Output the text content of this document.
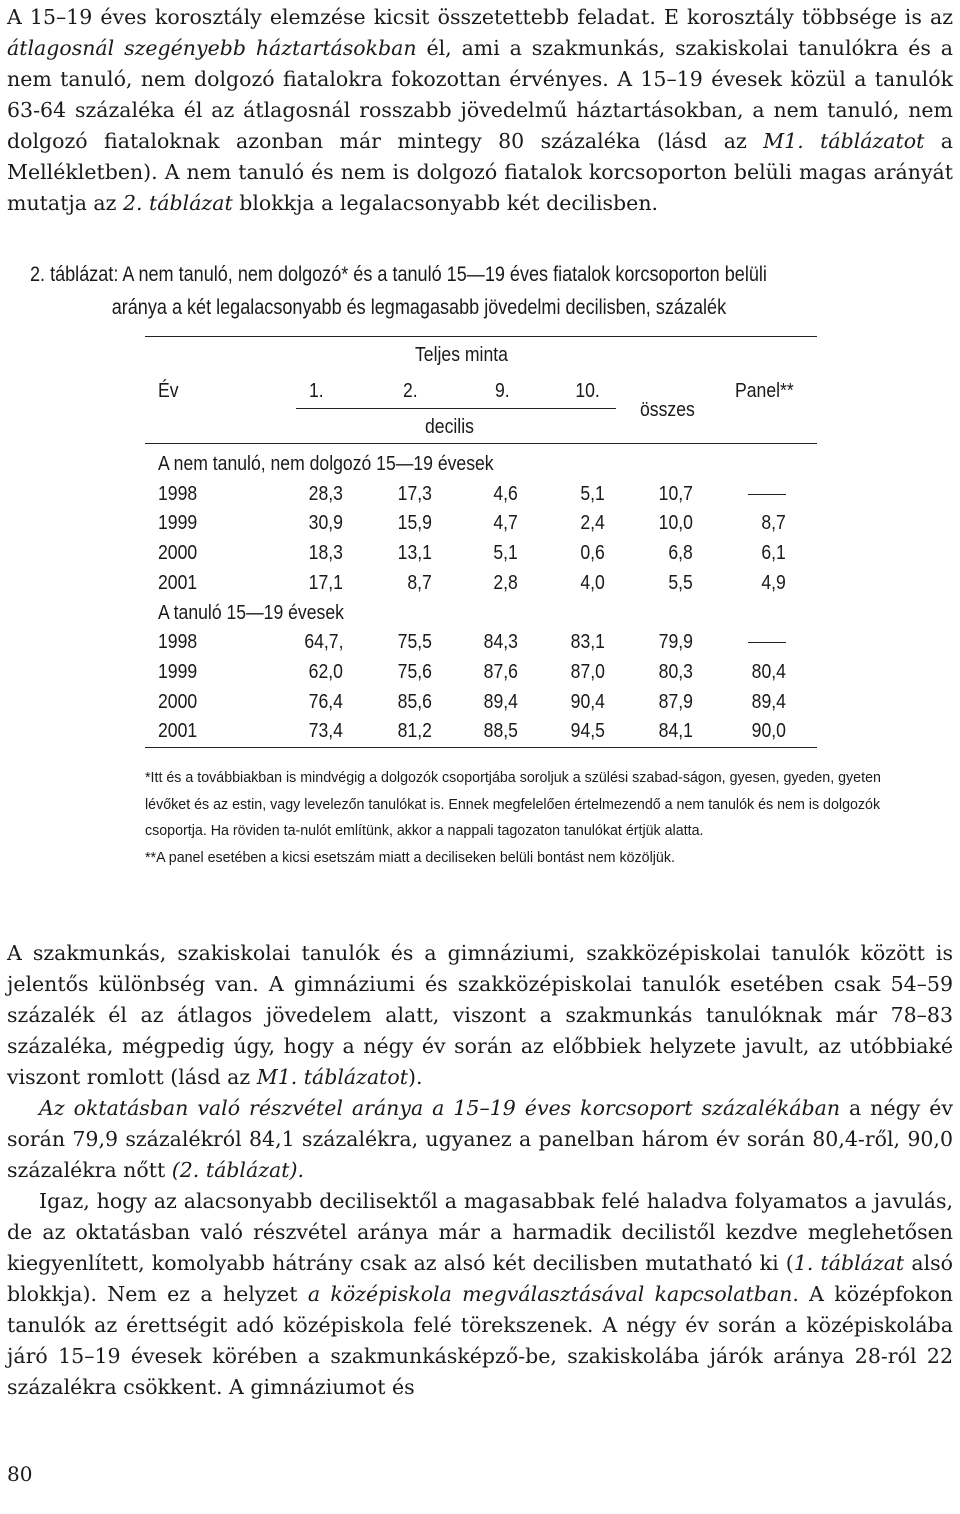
A 15–19 éves korosztály elemzése kicsit összetettebb feladat. E korosztály többsége is az átlagosnál szegényebb háztartásokban él, ami a szakmunkás, szakiskolai tanulókra és a nem tanuló, nem dolgozó fiatalokra fokozottan érvényes. A 15–19 évesek közül a tanulók 63-64 százaléka él az átlagosnál rosszabb jövedelmű háztartásokban, a nem tanuló, nem dolgozó fiataloknak azonban már mintegy 80 százaléka (lásd az M1. táblázatot a Mellékletben). A nem tanuló és nem is dolgozó fiatalok korcsoporton belüli magas arányát mutatja az 2. táblázat blokkja a legalacsonyabb két decilisben.

2. táblázat: A nem tanuló, nem dolgozó* és a tanuló 15—19 éves fiatalok korcsoporton belüli
aránya a két legalacsonyabb és legmagasabb jövedelmi decilisben, százalék
Teljes minta
Év	1.	2.	9.	10.
decilis
összes
Panel**
A nem tanuló, nem dolgozó 15—19 évesek
1998	28,3	17,3	4,6	5,1	10,7
1999	30,9	15,9	4,7	2,4	10,0	8,7
2000	18,3	13,1	5,1	0,6	6,8	6,1
2001	17,1	8,7	2,8	4,0	5,5	4,9
A tanuló 15—19 évesek
1998	64,7,	75,5	84,3	83,1	79,9
1999	62,0	75,6	87,6	87,0	80,3	80,4
2000	76,4	85,6	89,4	90,4	87,9	89,4
2001	73,4	81,2	88,5	94,5	84,1	90,0

*Itt és a továbbiakban is mindvégig a dolgozók csoportjába soroljuk a szülési szabad-ságon, gyesen, gyeden, gyeten lévőket és az estin, vagy levelezőn tanulókat is. Ennek megfelelően értelmezendő a nem tanulók és nem is dolgozók csoportja. Ha röviden ta-nulót említünk, akkor a nappali tagozaton tanulókat értjük alatta.

**A panel esetében a kicsi esetszám miatt a deciliseken belüli bontást nem közöljük.

A szakmunkás, szakiskolai tanulók és a gimnáziumi, szakközépiskolai tanulók között is jelentős különbség van. A gimnáziumi és szakközépiskolai tanulók esetében csak 54–59 százalék él az átlagos jövedelem alatt, viszont a szakmunkás tanulóknak már 78–83 százaléka, mégpedig úgy, hogy a négy év során az előbbiek helyzete javult, az utóbbiaké viszont romlott (lásd az M1. táblázatot).
Az oktatásban való részvétel aránya a 15–19 éves korcsoport százalékában a négy év során 79,9 százalékról 84,1 százalékra, ugyanez a panelban három év során 80,4-ről, 90,0 százalékra nőtt (2. táblázat).
Igaz, hogy az alacsonyabb decilisektől a magasabbak felé haladva folyamatos a javulás, de az oktatásban való részvétel aránya már a harmadik decilistől kezdve meglehetősen kiegyenlített, komolyabb hátrány csak az alsó két decilisben mutatható ki (1. táblázat alsó blokkja). Nem ez a helyzet a középiskola megválasztásával kapcsolatban. A középfokon tanulók az érettségit adó középiskola felé törekszenek. A négy év során a középiskolába járó 15–19 évesek körében a szakmunkásképző-be, szakiskolába járók aránya 28-ról 22 százalékra csökkent. A gimnáziumot és

80
